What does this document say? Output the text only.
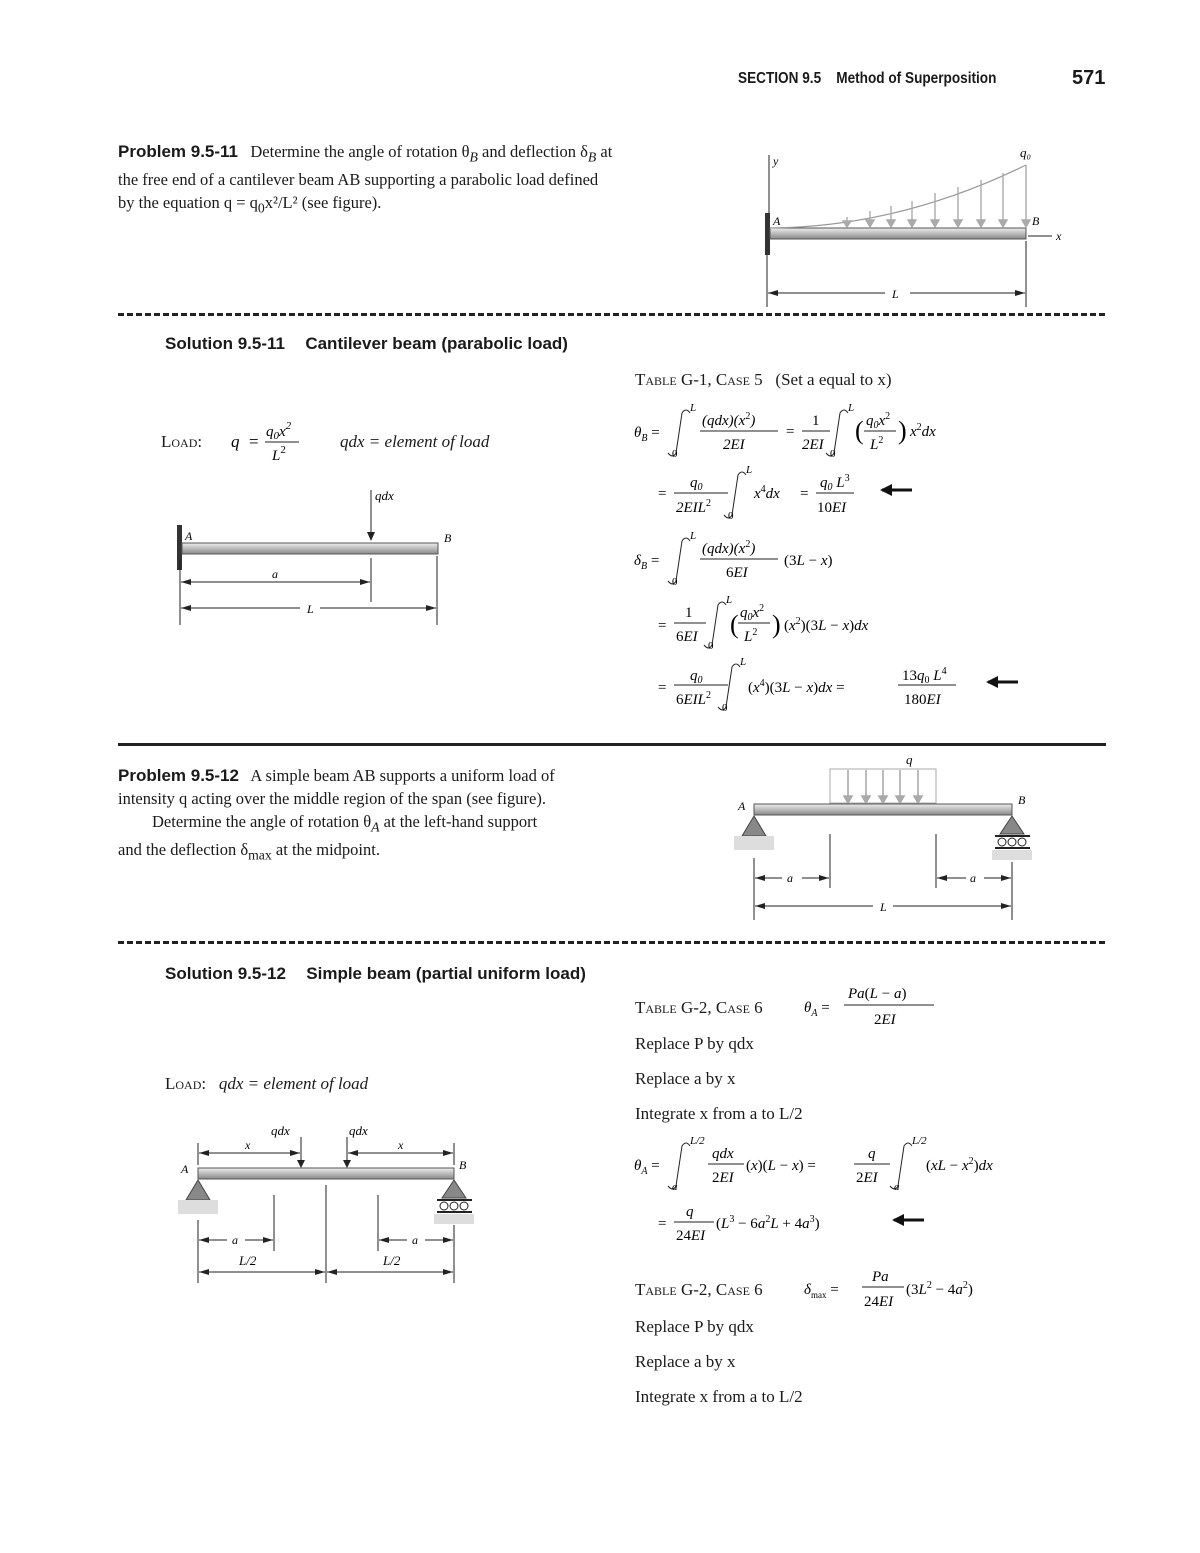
SECTION 9.5 Method of Superposition	571
Problem 9.5-11 Determine the angle of rotation $\theta_B$ and deflection $\delta_B$ at
the free end of a cantilever beam AB supporting a parabolic load defined
by the equation $q = q_0x^2/L^2$ (see figure).
y
q₀
A	B
x
L
Solution 9.5-11 Cantilever beam (parabolic load)
Load: $q = q_0x^2$
$L^2$	qdx = element of load
qdx
A	B
a
L
Table G-1, Case 5 (Set a equal to x)
$\theta_B$ =
L
0
$(qdx)(x^2)$
2EI
=
1
2EI
L
0
( $q_0x^2$
$L^2$ ) $x^2dx$
=
$q_0$
2EIL$^2$
L
0
$x^4dx$ =
$q_0$ $L^3$
10EI
$\delta_B$ =
L
0
$(qdx)(x^2)$
6EI
(3L − x)
=
1
6EI
L
0
( $q_0x^2$
$L^2$ ) $(x^2)(3L - x)dx$
=
$q_0$
6EIL$^2$
L
0
$(x^4)(3L - x)dx$ =
$13q_0$ $L^4$
180EI
Problem 9.5-12 A simple beam AB supports a uniform load of
intensity q acting over the middle region of the span (see figure).
Determine the angle of rotation $\theta_A$ at the left-hand support
and the deflection $\delta_{max}$ at the midpoint.
q
A	B
a	a
L
Solution 9.5-12 Simple beam (partial uniform load)
Load: qdx = element of load
qdx	qdx
x	x
A	B
a	a
L/2	L/2
Table G-2, Case 6	$\theta_A$ =
Pa(L − a)
2EI
Replace P by qdx
Replace a by x
Integrate x from a to L/2
$\theta_A$ =
L/2
a
qdx
2EI
(x)(L − x) =
q
2EI
L/2
a
$(xL - x^2)dx$
=
q
24EI
$(L^3 - 6a^2L + 4a^3)$
Table G-2, Case 6	$\delta_{max}$ =
Pa
24EI
$(3L^2 - 4a^2)$
Replace P by qdx
Replace a by x
Integrate x from a to L/2
